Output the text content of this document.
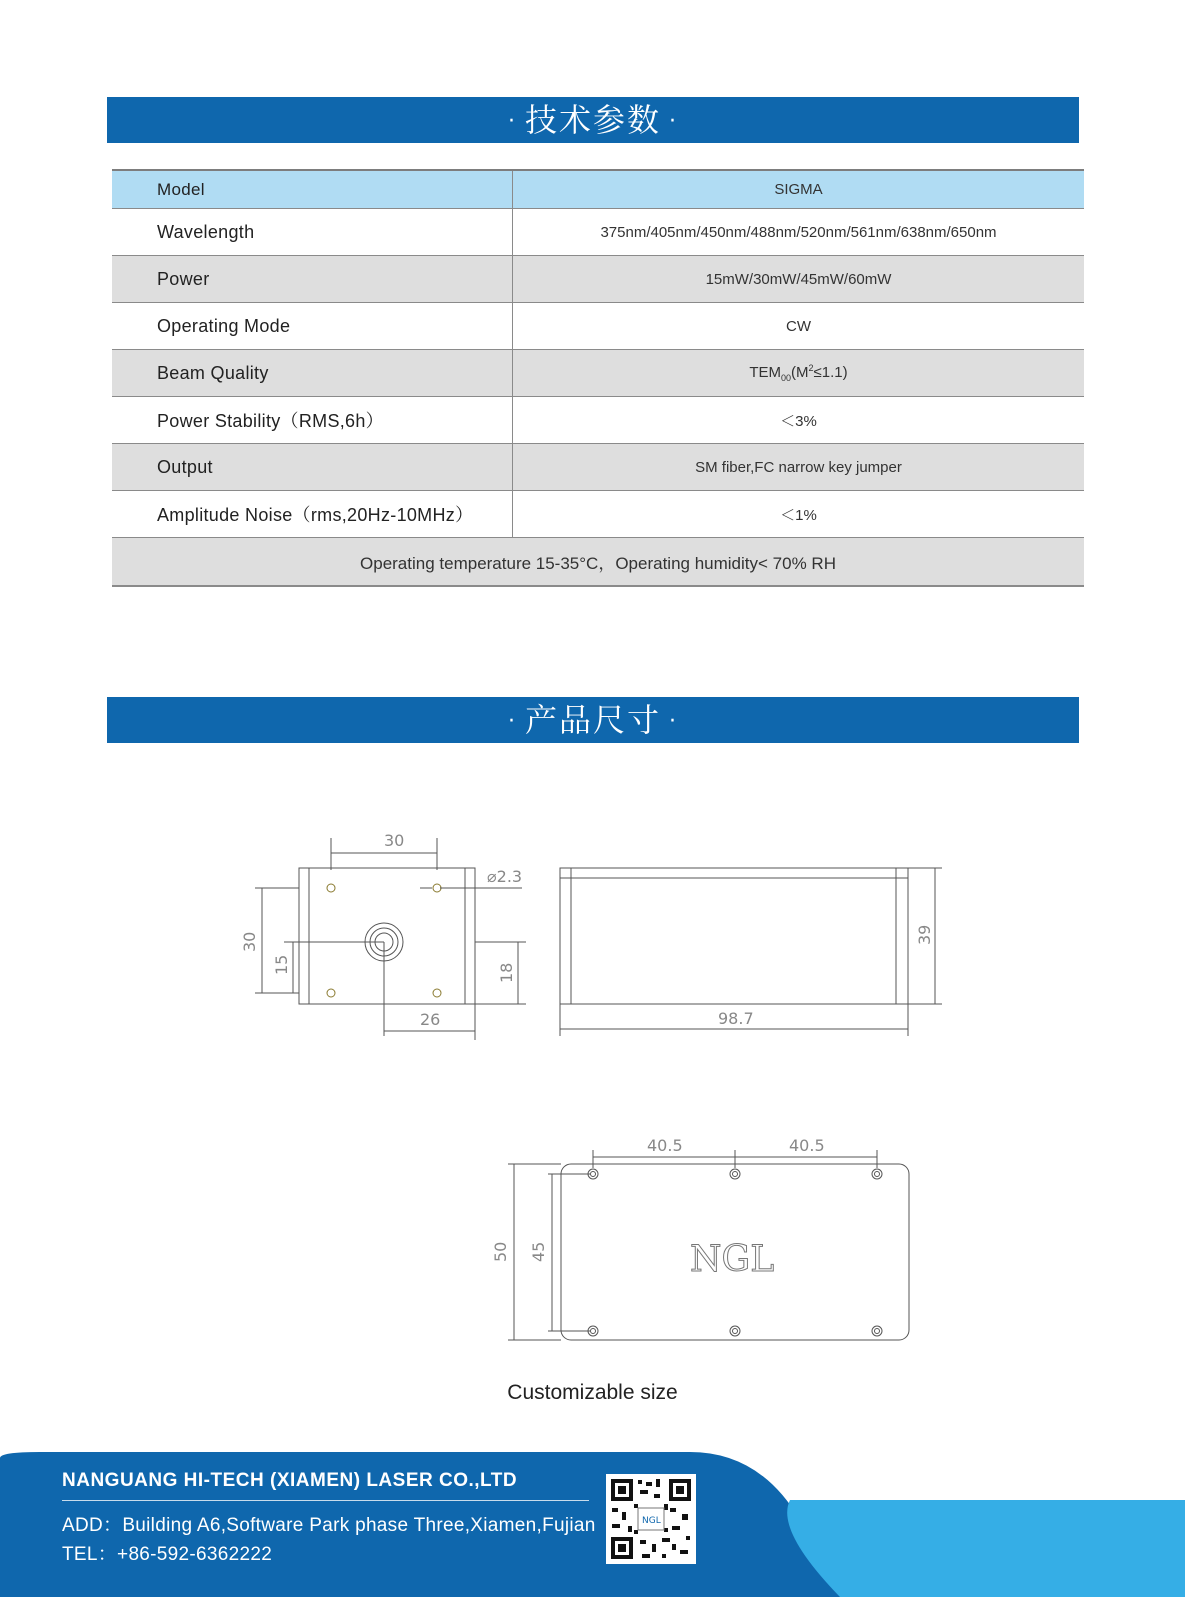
· 技术参数 ·
Model	SIGMA
Wavelength	375nm/405nm/450nm/488nm/520nm/561nm/638nm/650nm
Power	15mW/30mW/45mW/60mW
Operating Mode	CW
Beam Quality	$TEM_{00}(M^2\le 1.1)$
Power Stability（RMS,6h）	＜3%
Output	SM fiber,FC narrow key jumper
Amplitude Noise（rms,20Hz-10MHz）	＜1%
Operating temperature 15-35°C，Operating humidity< 70% RH	
· 产品尺寸 ·
30
⌀2.3
30
15	18
26
39
98.7
40.5	40.5
50 45	NGL
Customizable size
NANGUANG HI-TECH (XIAMEN) LASER CO.,LTD
ADD：Building A6,Software Park phase Three,Xiamen,Fujian
TEL：+86-592-6362222
NGL
